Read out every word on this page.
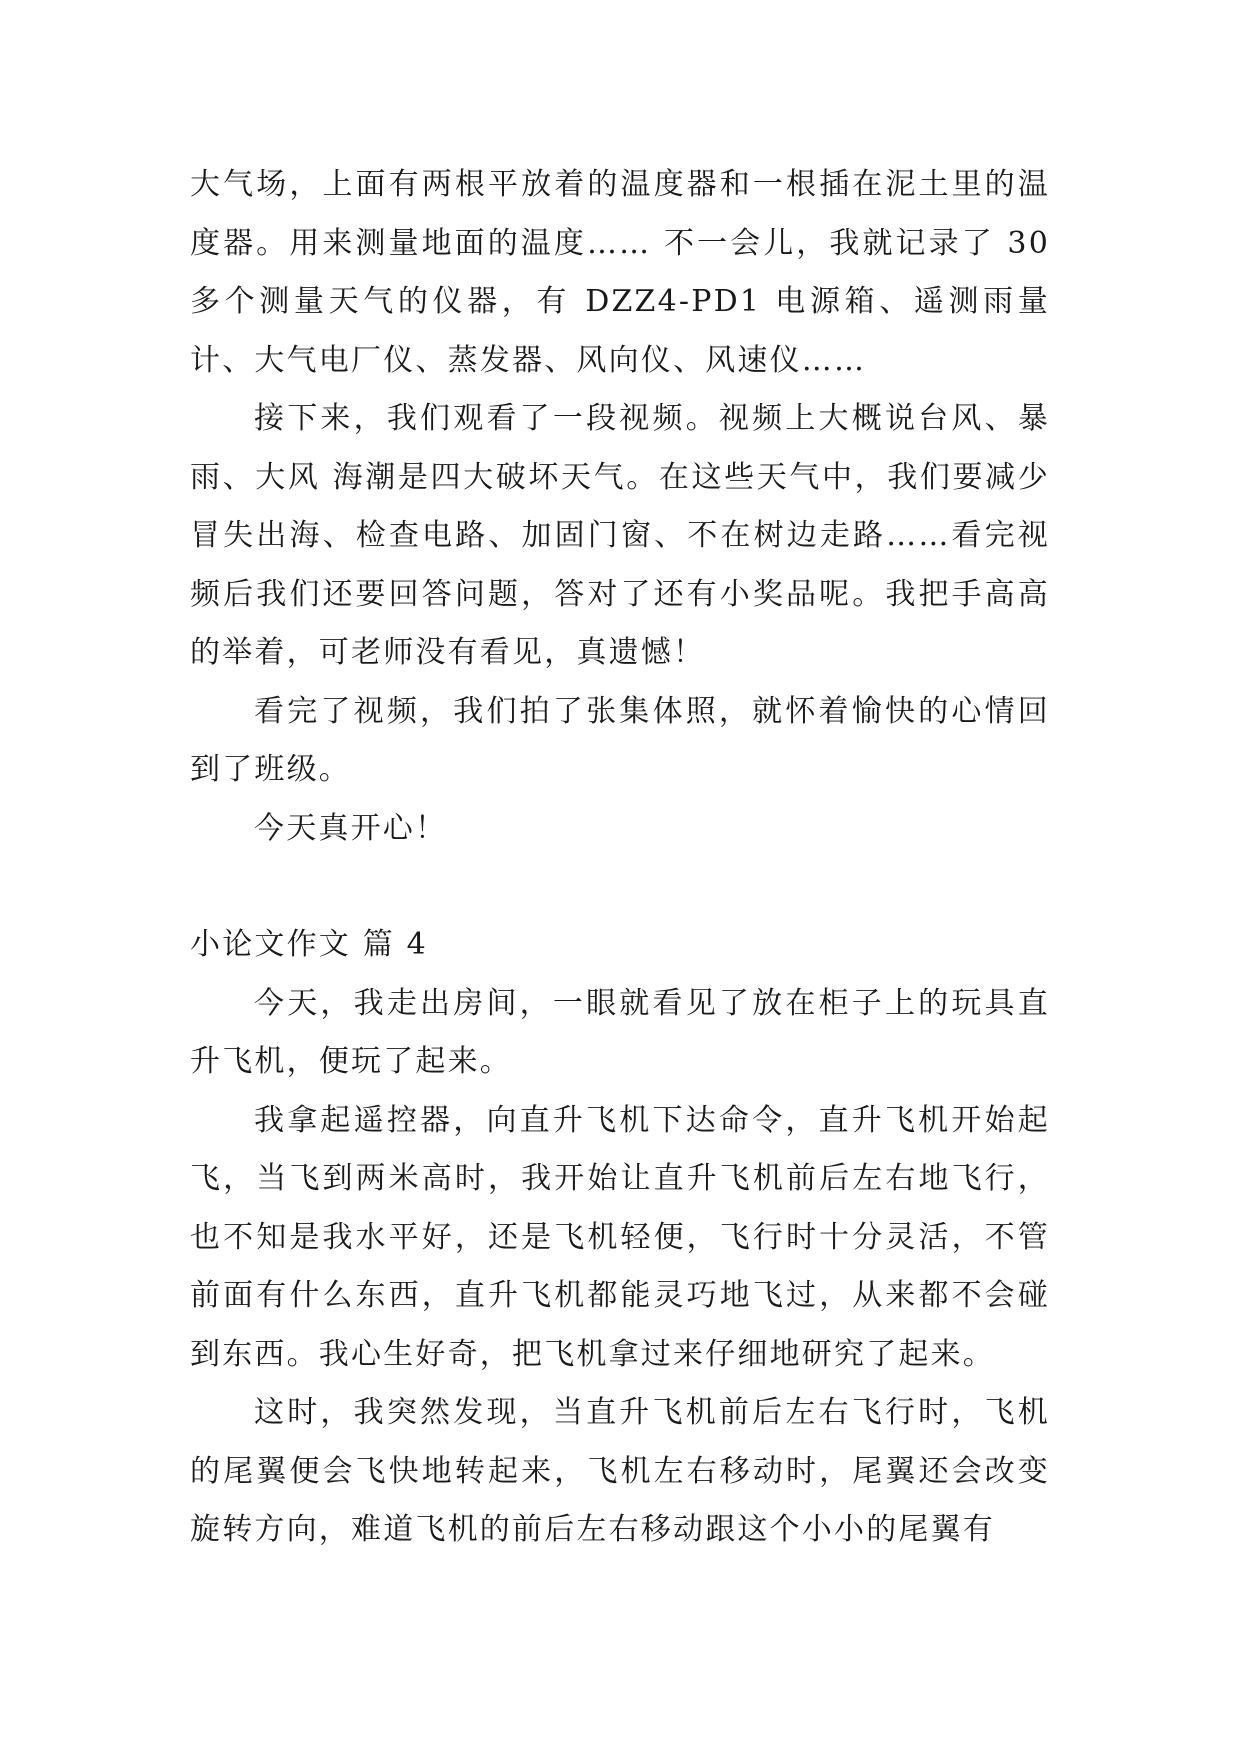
大气场，上面有两根平放着的温度器和一根插在泥土里的温度器。用来测量地面的温度…… 不一会儿，我就记录了 30 多个测量天气的仪器，有 DZZ4-PD1 电源箱、遥测雨量计、大气电厂仪、蒸发器、风向仪、风速仪……

接下来，我们观看了一段视频。视频上大概说台风、暴雨、大风 海潮是四大破坏天气。在这些天气中，我们要减少冒失出海、检查电路、加固门窗、不在树边走路……看完视频后我们还要回答问题，答对了还有小奖品呢。我把手高高的举着，可老师没有看见，真遗憾！

看完了视频，我们拍了张集体照，就怀着愉快的心情回到了班级。

今天真开心！

小论文作文 篇 4

今天，我走出房间，一眼就看见了放在柜子上的玩具直升飞机，便玩了起来。

我拿起遥控器，向直升飞机下达命令，直升飞机开始起飞，当飞到两米高时，我开始让直升飞机前后左右地飞行，也不知是我水平好，还是飞机轻便，飞行时十分灵活，不管前面有什么东西，直升飞机都能灵巧地飞过，从来都不会碰到东西。我心生好奇，把飞机拿过来仔细地研究了起来。

这时，我突然发现，当直升飞机前后左右飞行时，飞机的尾翼便会飞快地转起来，飞机左右移动时，尾翼还会改变旋转方向，难道飞机的前后左右移动跟这个小小的尾翼有
